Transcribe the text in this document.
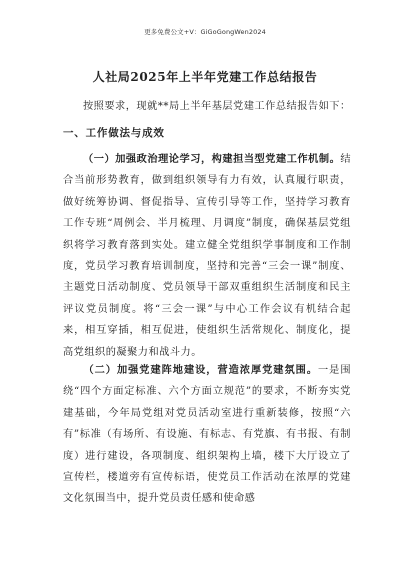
更多免费公文+V：GiGoGongWen2024
人社局2025年上半年党建工作总结报告
按照要求，现就**局上半年基层党建工作总结报告如下：
一、工作做法与成效
（一）加强政治理论学习，构建担当型党建工作机制。结合当前形势教育，做到组织领导有力有效，认真履行职责，做好统筹协调、督促指导、宣传引导等工作，坚持学习教育工作专班“周例会、半月梳理、月调度”制度，确保基层党组织将学习教育落到实处。建立健全党组织学事制度和工作制度，党员学习教育培训制度，坚持和完善“三会一课”制度、主题党日活动制度、党员领导干部双重组织生活制度和民主评议党员制度。将“三会一课”与中心工作会议有机结合起来，相互穿插，相互促进，使组织生活常规化、制度化，提高党组织的凝聚力和战斗力。
（二）加强党建阵地建设，营造浓厚党建氛围。一是围绕“四个方面定标准、六个方面立规范”的要求，不断夯实党建基础，今年局党组对党员活动室进行重新装修，按照“六有”标准（有场所、有设施、有标志、有党旗、有书报、有制度）进行建设，各项制度、组织架构上墙，楼下大厅设立了宣传栏，楼道旁有宣传标语，使党员工作活动在浓厚的党建文化氛围当中，提升党员责任感和使命感
